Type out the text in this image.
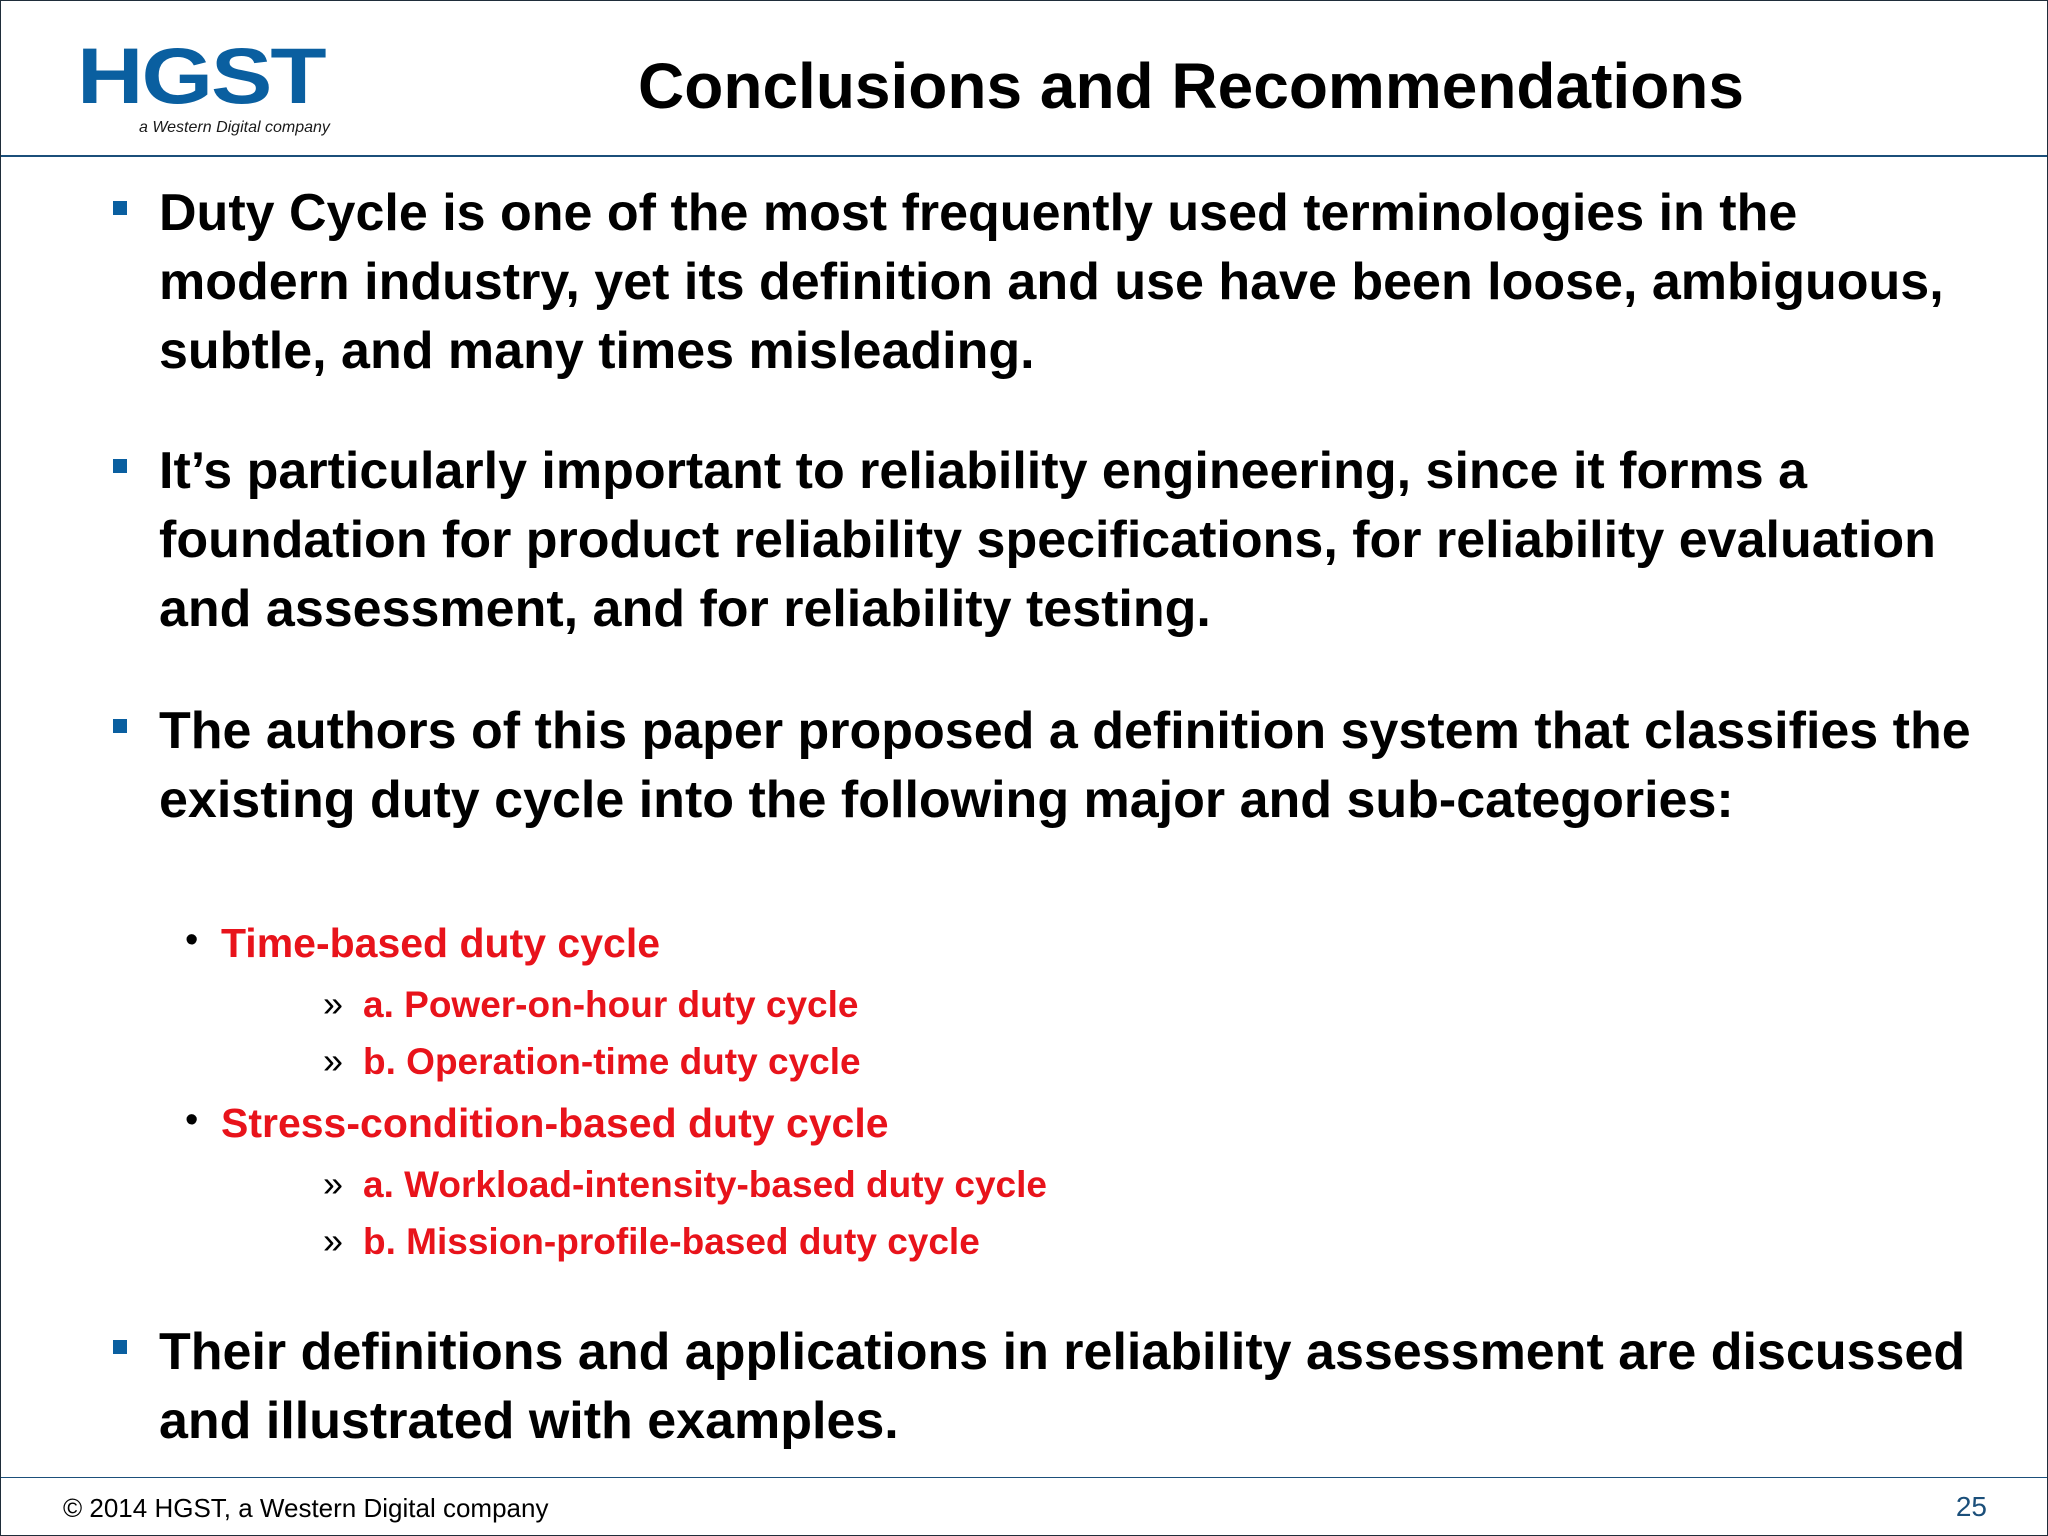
HGST
a Western Digital company
Conclusions and Recommendations
Duty Cycle is one of the most frequently used terminologies in the modern industry, yet its definition and use have been loose, ambiguous, subtle, and many times misleading.
It’s particularly important to reliability engineering, since it forms a foundation for product reliability specifications, for reliability evaluation and assessment, and for reliability testing.
The authors of this paper proposed a definition system that classifies the existing duty cycle into the following major and sub-categories:
• Time-based duty cycle
» a. Power-on-hour duty cycle
» b. Operation-time duty cycle
• Stress-condition-based duty cycle
» a. Workload-intensity-based duty cycle
» b. Mission-profile-based duty cycle
Their definitions and applications in reliability assessment are discussed and illustrated with examples.
© 2014 HGST, a Western Digital company	25
